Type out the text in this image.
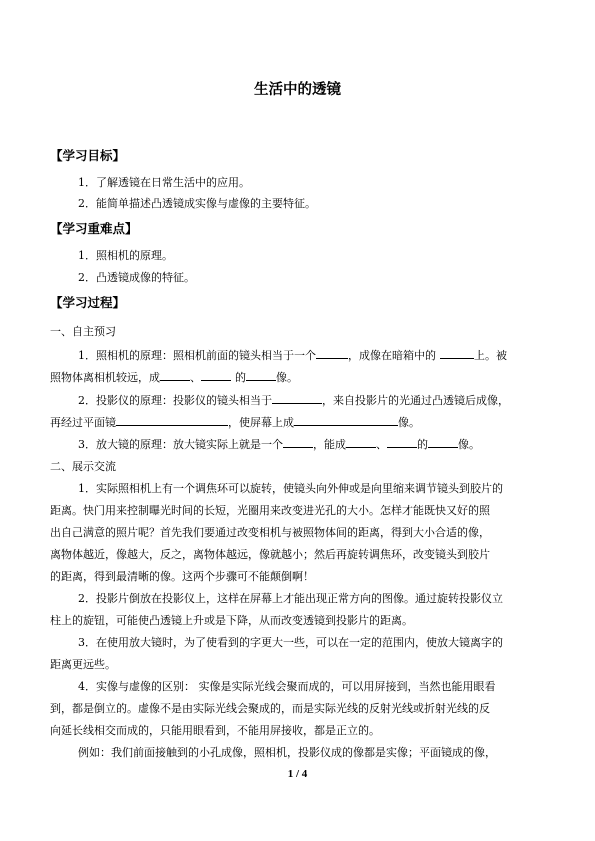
生活中的透镜
【学习目标】
1．了解透镜在日常生活中的应用。
2．能简单描述凸透镜成实像与虚像的主要特征。
【学习重难点】
1．照相机的原理。
2．凸透镜成像的特征。
【学习过程】
一、自主预习
1．照相机的原理：照相机前面的镜头相当于一个	，成像在暗箱中的	上。被
照物体离相机较远，成	、	的	像。
2．投影仪的原理：投影仪的镜头相当于	，来自投影片的光通过凸透镜后成像，
再经过平面镜	，使屏幕上成	像。
3．放大镜的原理：放大镜实际上就是一个	，能成	、	的	像。
二、展示交流
1．实际照相机上有一个调焦环可以旋转，使镜头向外伸或是向里缩来调节镜头到胶片的
距离。快门用来控制曝光时间的长短，光圈用来改变进光孔的大小。怎样才能既快又好的照
出自己满意的照片呢？首先我们要通过改变相机与被照物体间的距离，得到大小合适的像，
离物体越近，像越大，反之，离物体越远，像就越小；然后再旋转调焦环，改变镜头到胶片
的距离，得到最清晰的像。这两个步骤可不能颠倒啊！
2．投影片倒放在投影仪上，这样在屏幕上才能出现正常方向的图像。通过旋转投影仪立
柱上的旋钮，可能使凸透镜上升或是下降，从而改变透镜到投影片的距离。
3．在使用放大镜时，为了使看到的字更大一些，可以在一定的范围内，使放大镜离字的
距离更远些。
4．实像与虚像的区别： 实像是实际光线会聚而成的，可以用屏接到，当然也能用眼看
到，都是倒立的。虚像不是由实际光线会聚成的，而是实际光线的反射光线或折射光线的反
向延长线相交而成的，只能用眼看到，不能用屏接收，都是正立的。
例如：我们前面接触到的小孔成像，照相机，投影仪成的像都是实像；平面镜成的像，
1 / 4
